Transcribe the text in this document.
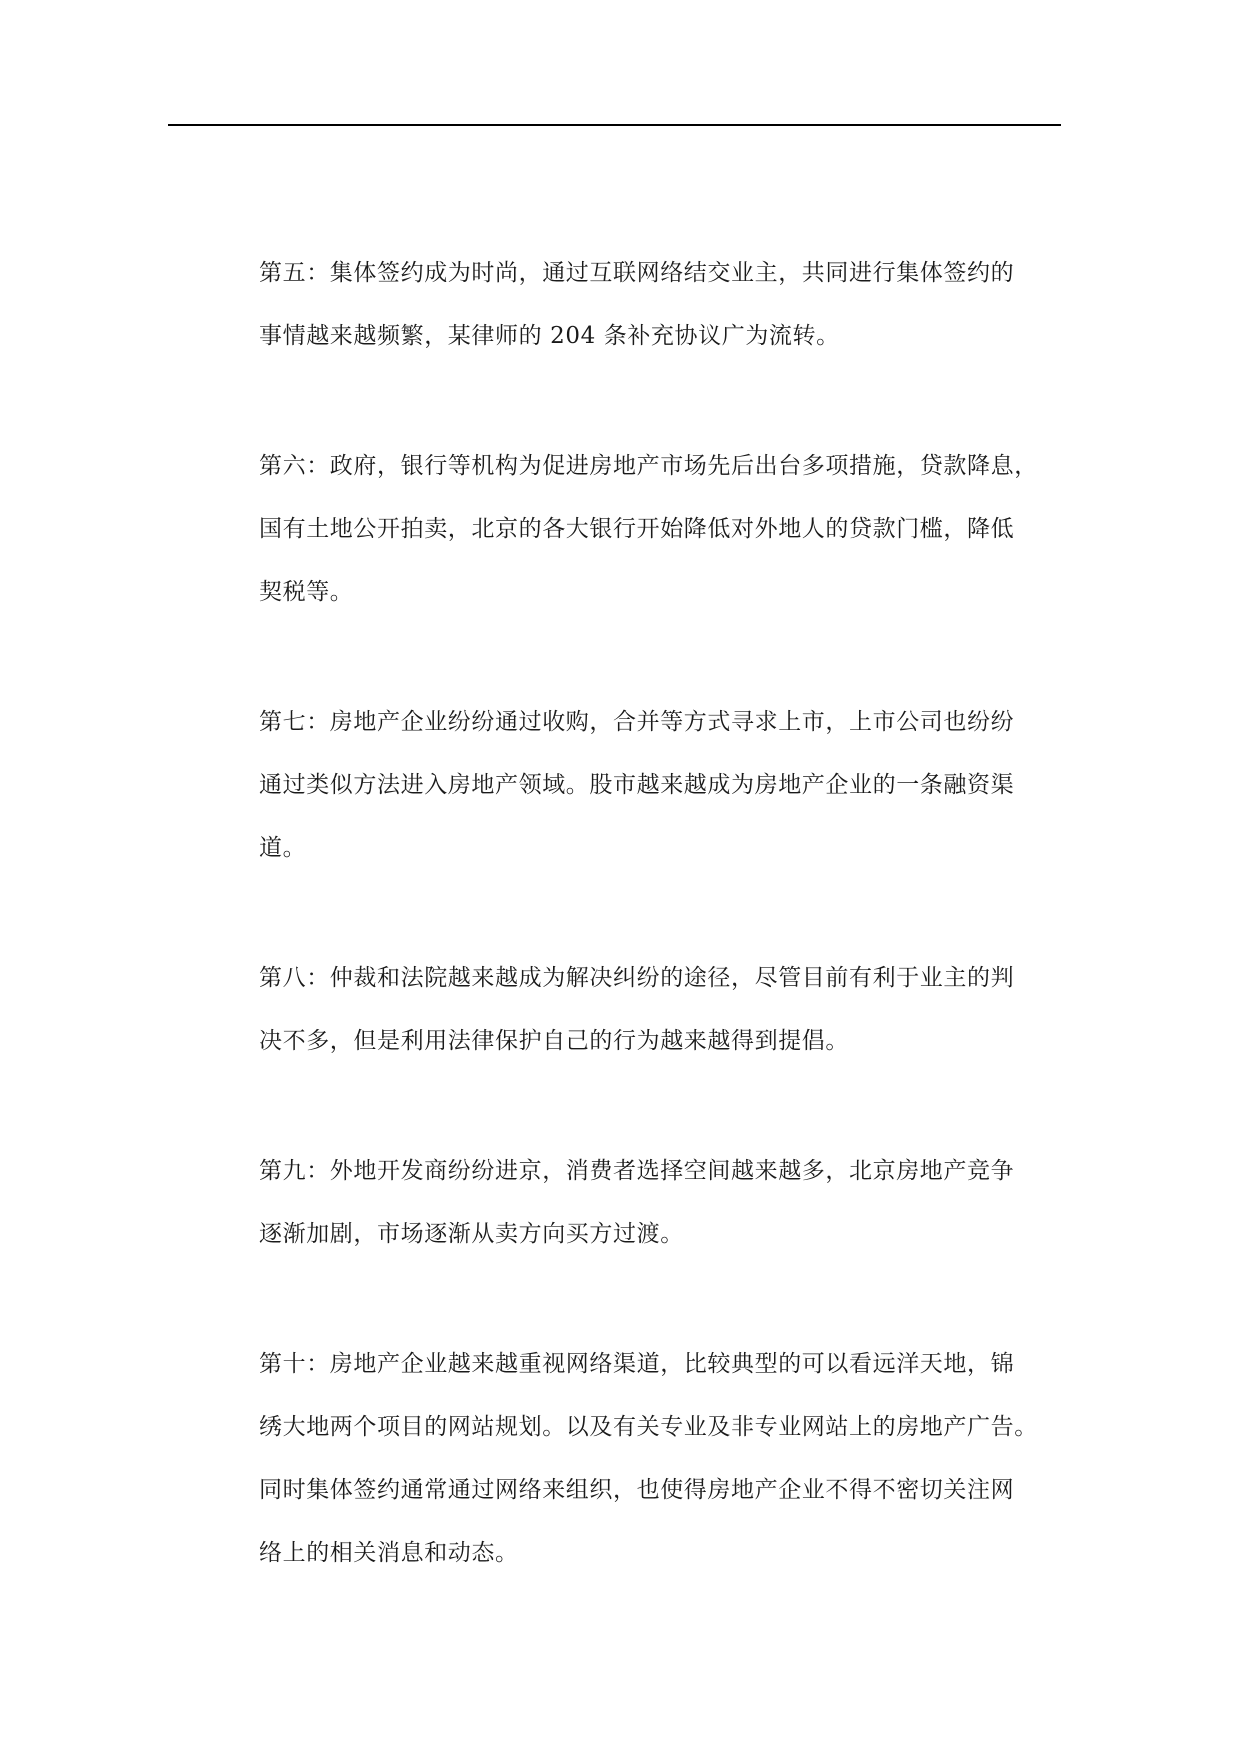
第五：集体签约成为时尚，通过互联网络结交业主，共同进行集体签约的
事情越来越频繁，某律师的 204 条补充协议广为流转。

第六：政府，银行等机构为促进房地产市场先后出台多项措施，贷款降息，
国有土地公开拍卖，北京的各大银行开始降低对外地人的贷款门槛，降低
契税等。

第七：房地产企业纷纷通过收购，合并等方式寻求上市，上市公司也纷纷
通过类似方法进入房地产领域。股市越来越成为房地产企业的一条融资渠
道。

第八：仲裁和法院越来越成为解决纠纷的途径，尽管目前有利于业主的判
决不多，但是利用法律保护自己的行为越来越得到提倡。

第九：外地开发商纷纷进京，消费者选择空间越来越多，北京房地产竞争
逐渐加剧，市场逐渐从卖方向买方过渡。

第十：房地产企业越来越重视网络渠道，比较典型的可以看远洋天地，锦
绣大地两个项目的网站规划。以及有关专业及非专业网站上的房地产广告。
同时集体签约通常通过网络来组织，也使得房地产企业不得不密切关注网
络上的相关消息和动态。
